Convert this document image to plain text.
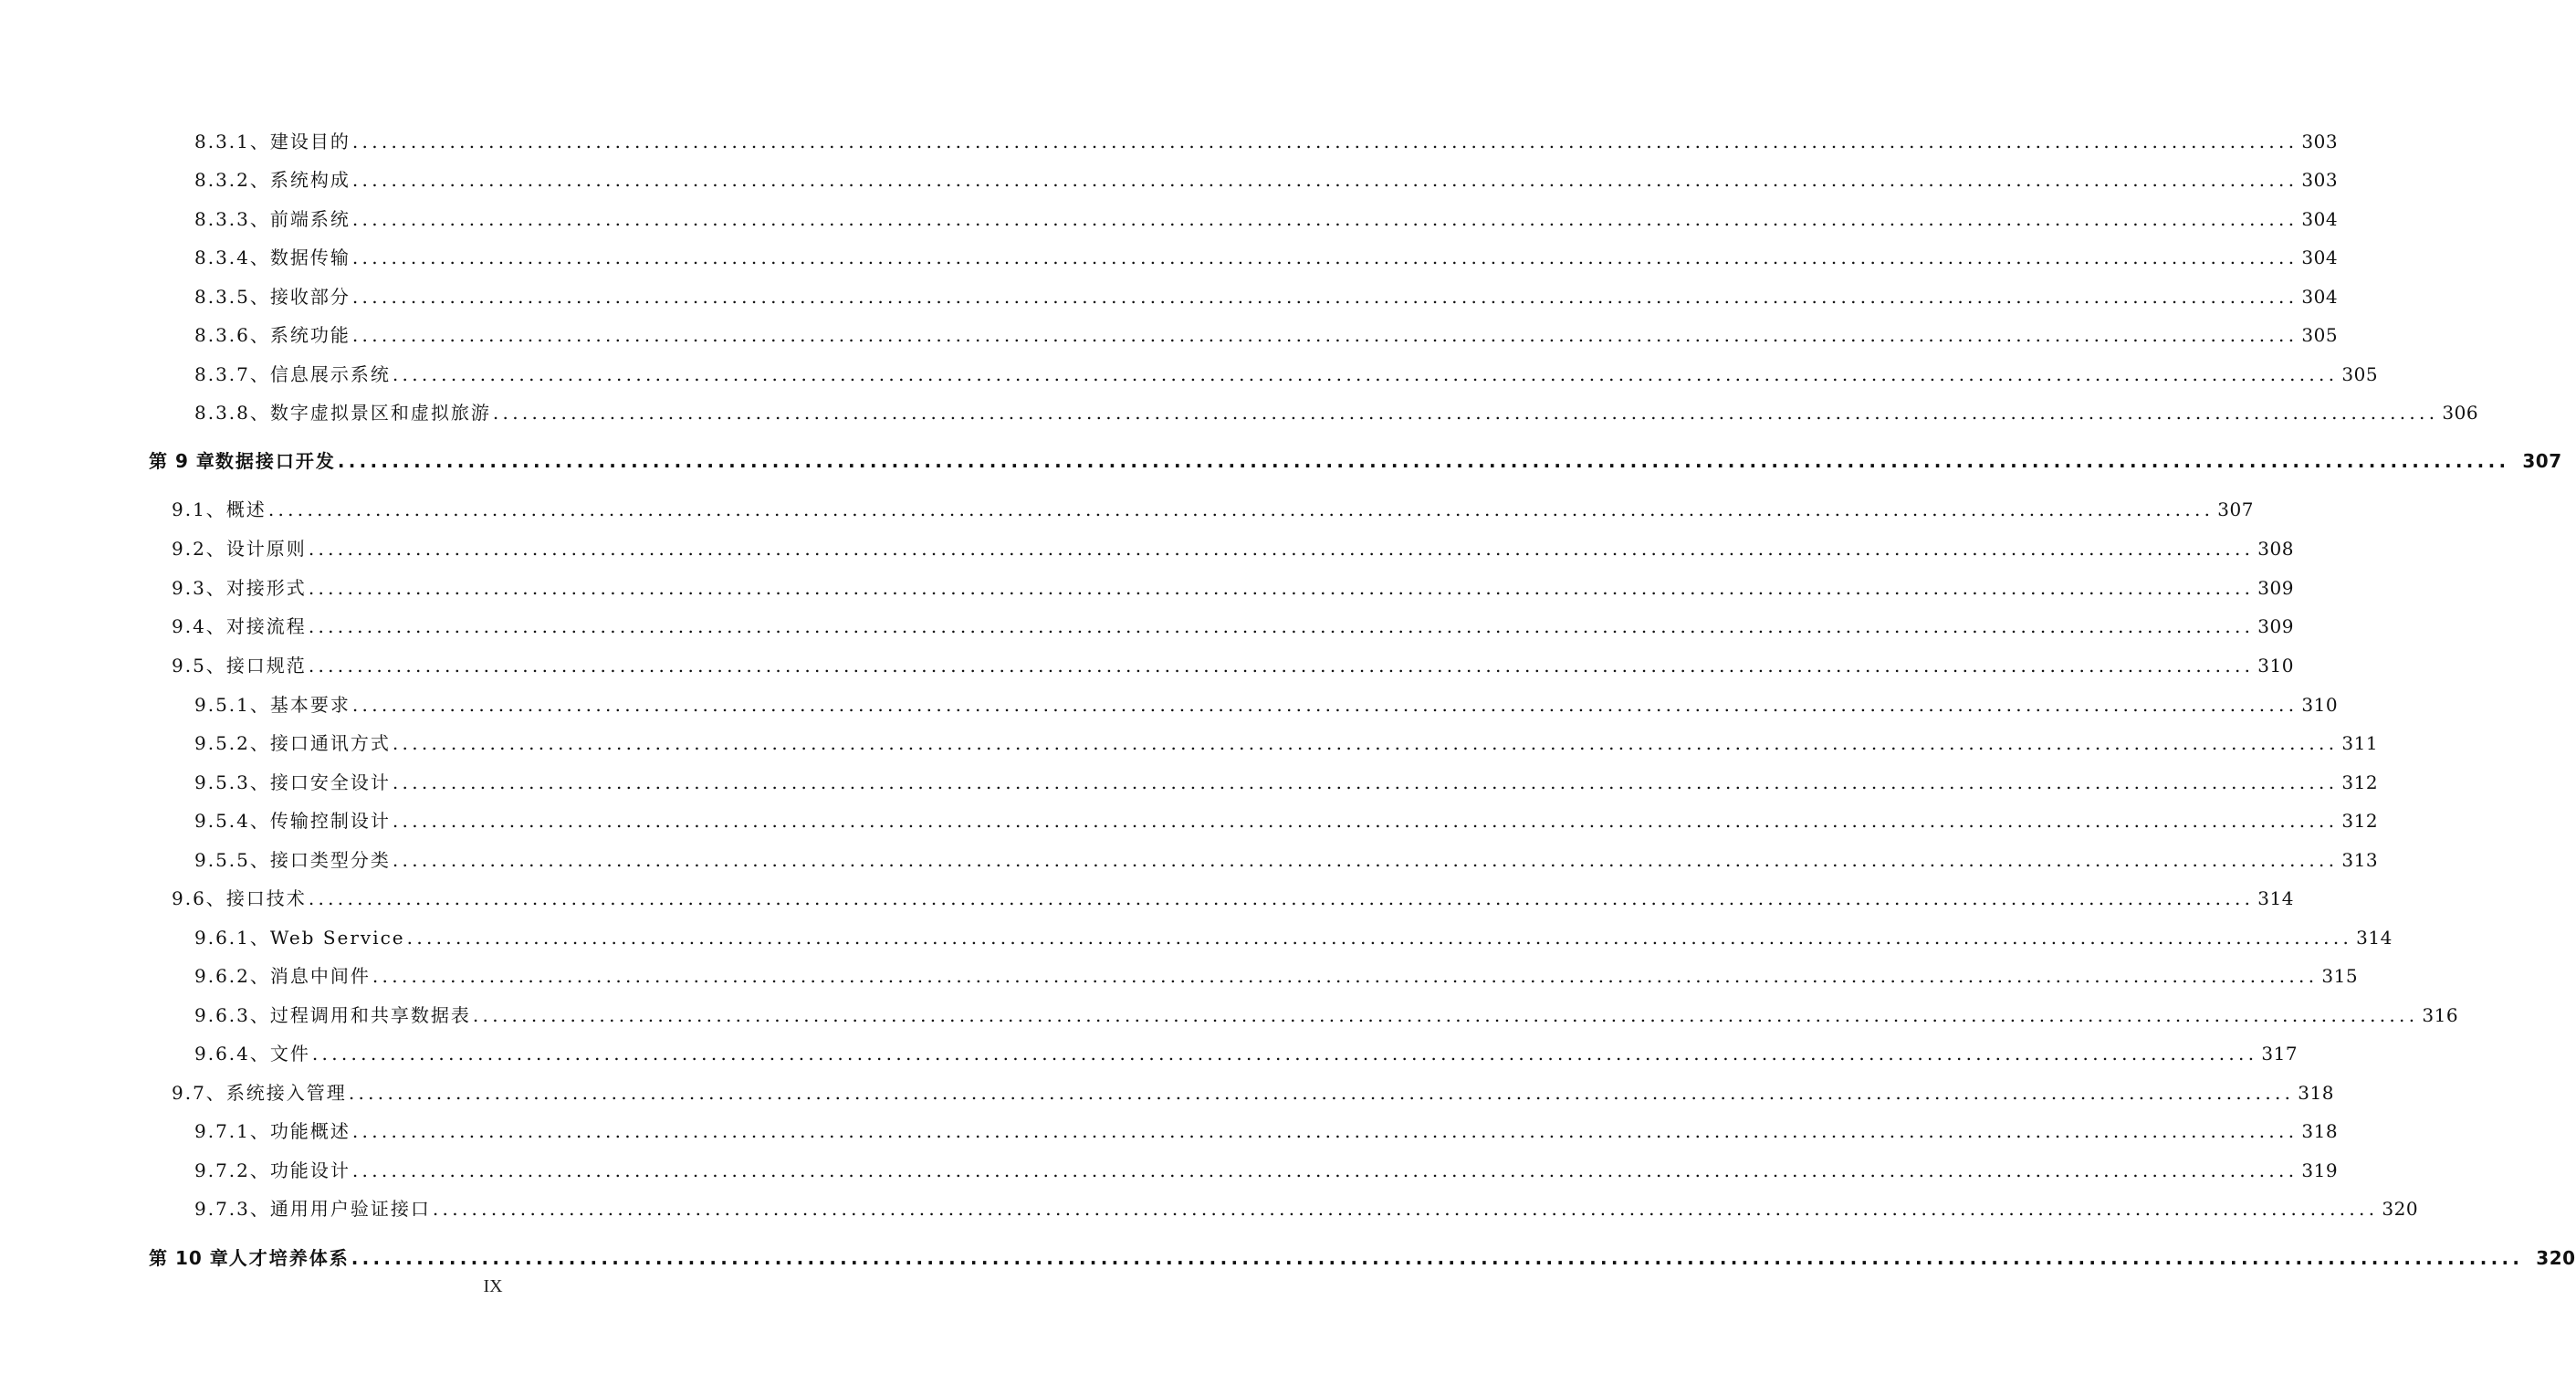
8.3.1、 建设目的 ........................................................................................................................................................................................................ 303
8.3.2、 系统构成 ........................................................................................................................................................................................................ 303
8.3.3、 前端系统 ........................................................................................................................................................................................................ 304
8.3.4、 数据传输 ........................................................................................................................................................................................................ 304
8.3.5、 接收部分 ........................................................................................................................................................................................................ 304
8.3.6、 系统功能 ........................................................................................................................................................................................................ 305
8.3.7、 信息展示系统 ........................................................................................................................................................................................................ 305
8.3.8、 数字虚拟景区和虚拟旅游 ........................................................................................................................................................................................................ 306
第 9 章 数据接口开发 ........................................................................................................................................................................................................ 307
9.1、 概述 ........................................................................................................................................................................................................ 307
9.2、 设计原则 ........................................................................................................................................................................................................ 308
9.3、 对接形式 ........................................................................................................................................................................................................ 309
9.4、 对接流程 ........................................................................................................................................................................................................ 309
9.5、 接口规范 ........................................................................................................................................................................................................ 310
9.5.1、 基本要求 ........................................................................................................................................................................................................ 310
9.5.2、 接口通讯方式 ........................................................................................................................................................................................................ 311
9.5.3、 接口安全设计 ........................................................................................................................................................................................................ 312
9.5.4、 传输控制设计 ........................................................................................................................................................................................................ 312
9.5.5、 接口类型分类 ........................................................................................................................................................................................................ 313
9.6、 接口技术 ........................................................................................................................................................................................................ 314
9.6.1、 Web Service ........................................................................................................................................................................................................ 314
9.6.2、 消息中间件 ........................................................................................................................................................................................................ 315
9.6.3、 过程调用和共享数据表 ........................................................................................................................................................................................................ 316
9.6.4、 文件 ........................................................................................................................................................................................................ 317
9.7、 系统接入管理 ........................................................................................................................................................................................................ 318
9.7.1、 功能概述 ........................................................................................................................................................................................................ 318
9.7.2、 功能设计 ........................................................................................................................................................................................................ 319
9.7.3、 通用用户验证接口 ........................................................................................................................................................................................................ 320
第 10 章 人才培养体系 ........................................................................................................................................................................................................ 320
IX
